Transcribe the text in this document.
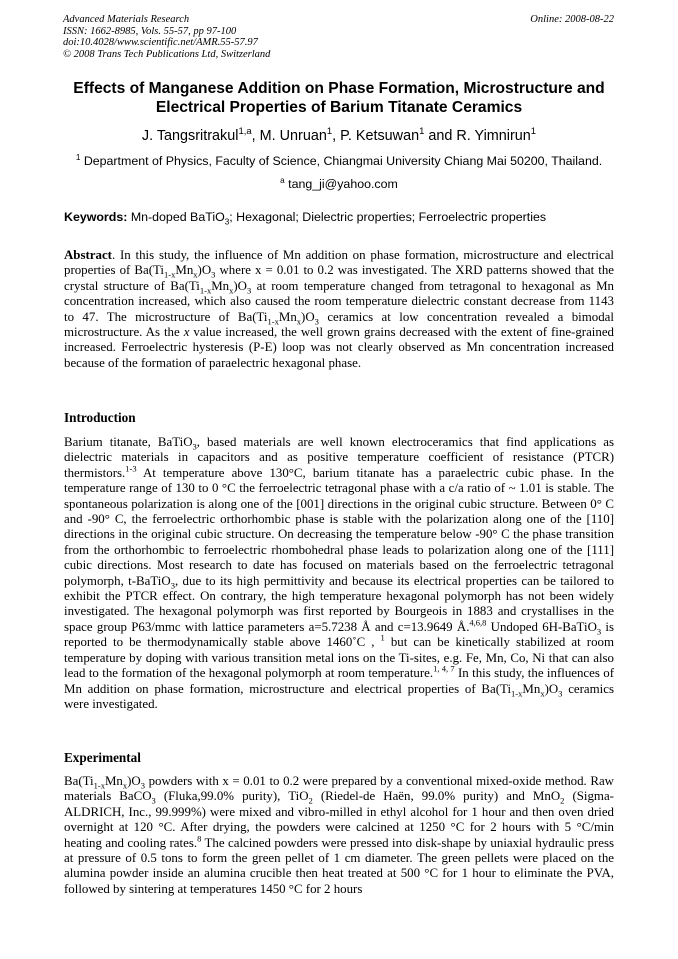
Advanced Materials Research
ISSN: 1662-8985, Vols. 55-57, pp 97-100
doi:10.4028/www.scientific.net/AMR.55-57.97
© 2008 Trans Tech Publications Ltd, Switzerland
Online: 2008-08-22
Effects of Manganese Addition on Phase Formation, Microstructure and
Electrical Properties of Barium Titanate Ceramics
J. Tangsritrakul$^{1,a}$, M. Unruan$^1$, P. Ketsuwan$^1$ and R. Yimnirun$^1$
$^1$ Department of Physics, Faculty of Science, Chiangmai University Chiang Mai 50200, Thailand.
$^a$ tang_ji@yahoo.com
Keywords: Mn-doped BaTiO$_3$; Hexagonal; Dielectric properties; Ferroelectric properties
Abstract. In this study, the influence of Mn addition on phase formation, microstructure and electrical properties of $Ba(Ti_{1-x}Mn_x)O_3$ where x = 0.01 to 0.2 was investigated. The XRD patterns showed that the crystal structure of $Ba(Ti_{1-x}Mn_x)O_3$ at room temperature changed from tetragonal to hexagonal as Mn concentration increased, which also caused the room temperature dielectric constant decrease from 1143 to 47. The microstructure of $Ba(Ti_{1-x}Mn_x)O_3$ ceramics at low concentration revealed a bimodal microstructure. As the x value increased, the well grown grains decreased with the extent of fine-grained increased. Ferroelectric hysteresis (P-E) loop was not clearly observed as Mn concentration increased because of the formation of paraelectric hexagonal phase.
Introduction
Barium titanate, BaTiO$_3$, based materials are well known electroceramics that find applications as dielectric materials in capacitors and as positive temperature coefficient of resistance (PTCR) thermistors.$^{1-3}$ At temperature above 130°C, barium titanate has a paraelectric cubic phase. In the temperature range of 130 to 0 °C the ferroelectric tetragonal phase with a c/a ratio of ~ 1.01 is stable. The spontaneous polarization is along one of the [001] directions in the original cubic structure. Between 0° C and -90° C, the ferroelectric orthorhombic phase is stable with the polarization along one of the [110] directions in the original cubic structure. On decreasing the temperature below -90° C the phase transition from the orthorhombic to ferroelectric rhombohedral phase leads to polarization along one of the [111] cubic directions. Most research to date has focused on materials based on the ferroelectric tetragonal polymorph, t-BaTiO$_3$, due to its high permittivity and because its electrical properties can be tailored to exhibit the PTCR effect. On contrary, the high temperature hexagonal polymorph has not been widely investigated. The hexagonal polymorph was first reported by Bourgeois in 1883 and crystallises in the space group P63/mmc with lattice parameters a=5.7238 Å and c=13.9649 Å.$^{4,6,8}$ Undoped 6H-BaTiO$_3$ is reported to be thermodynamically stable above 1460˚C , $^1$ but can be kinetically stabilized at room temperature by doping with various transition metal ions on the Ti-sites, e.g. Fe, Mn, Co, Ni that can also lead to the formation of the hexagonal polymorph at room temperature.$^{1, 4, 7}$ In this study, the influences of Mn addition on phase formation, microstructure and electrical properties of $Ba(Ti_{1-x}Mn_x)O_3$ ceramics were investigated.
Experimental
$Ba(Ti_{1-x}Mn_x)O_3$ powders with x = 0.01 to 0.2 were prepared by a conventional mixed-oxide method. Raw materials BaCO$_3$ (Fluka,99.0% purity), TiO$_2$ (Riedel-de Haën, 99.0% purity) and MnO$_2$ (Sigma-ALDRICH, Inc., 99.999%) were mixed and vibro-milled in ethyl alcohol for 1 hour and then oven dried overnight at 120 °C. After drying, the powders were calcined at 1250 °C for 2 hours with 5 °C/min heating and cooling rates.$^8$ The calcined powders were pressed into disk-shape by uniaxial hydraulic press at pressure of 0.5 tons to form the green pellet of 1 cm diameter. The green pellets were placed on the alumina powder inside an alumina crucible then heat treated at 500 °C for 1 hour to eliminate the PVA, followed by sintering at temperatures 1450 °C for 2 hours
